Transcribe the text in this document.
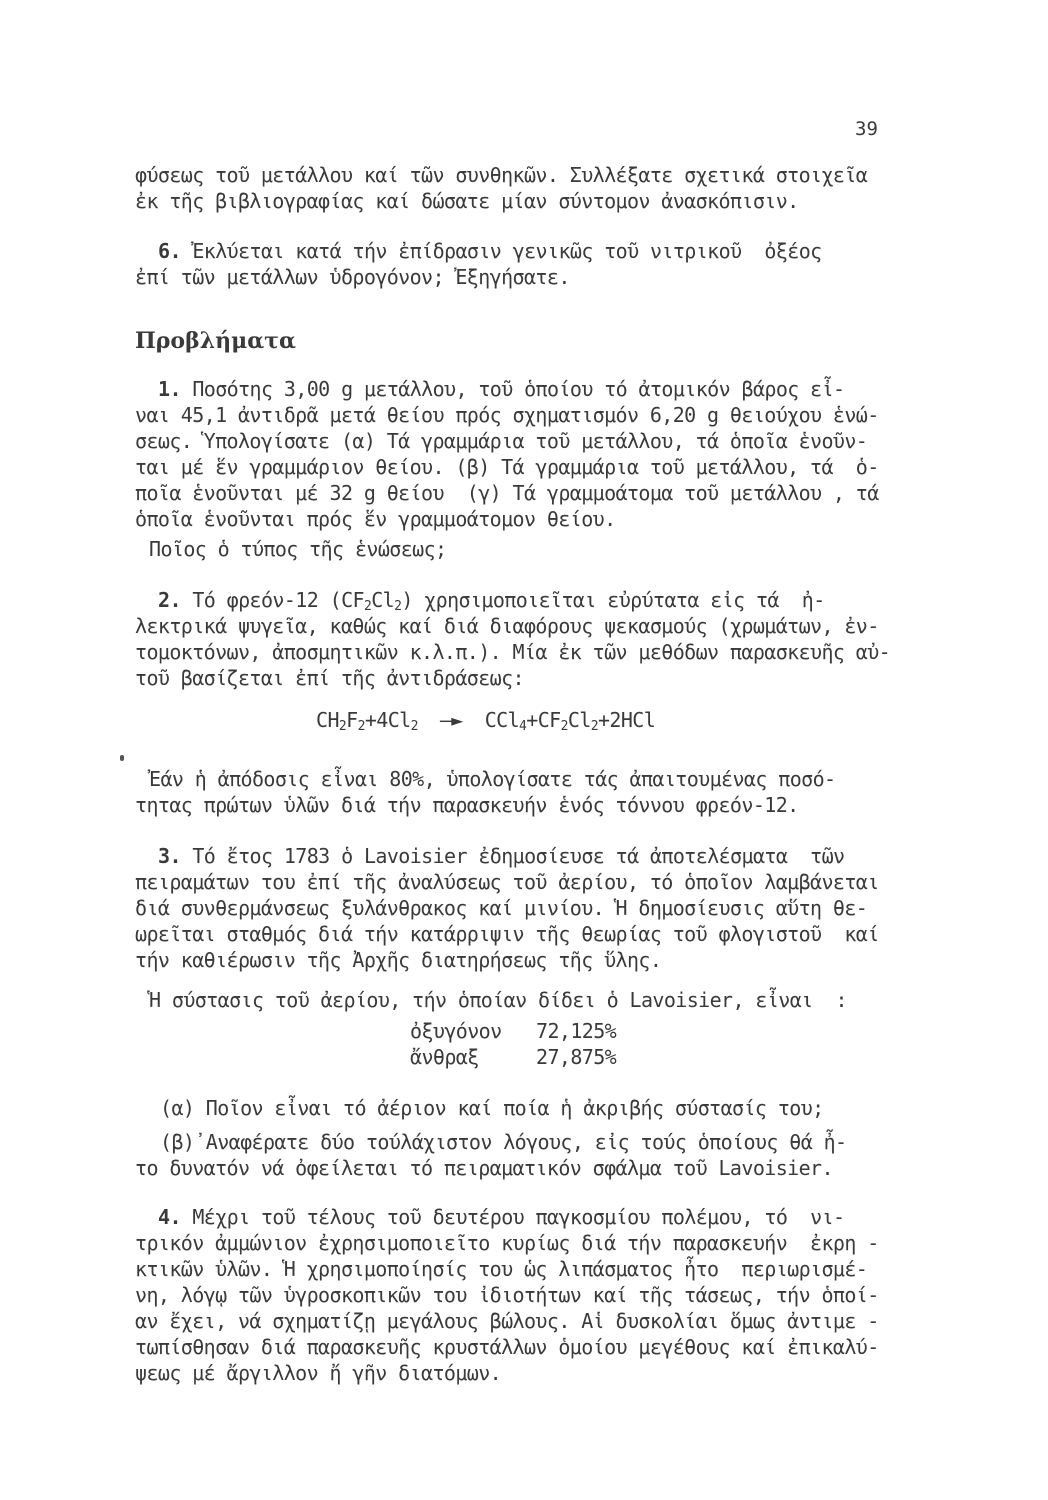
39
φύσεως τοῦ μετάλλου καί τῶν συνθηκῶν. Συλλέξατε σχετικά στοιχεῖα
ἐκ τῆς βιβλιογραφίας καί δώσατε μίαν σύντομον ἀνασκόπισιν.
6. Ἐκλύεται κατά τήν ἐπίδρασιν γενικῶς τοῦ νιτρικοῦ  ὀξέος
ἐπί τῶν μετάλλων ὑδρογόνον; Ἐξηγήσατε.
Προβλήματα
1. Ποσότης 3,00 g μετάλλου, τοῦ ὁποίου τό ἀτομικόν βάρος εἶ-
ναι 45,1 ἀντιδρᾶ μετά θείου πρός σχηματισμόν 6,20 g θειούχου ἑνώ-
σεως. Ὑπολογίσατε (α) Τά γραμμάρια τοῦ μετάλλου, τά ὁποῖα ἑνοῦν-
ται μέ ἕν γραμμάριον θείου. (β) Τά γραμμάρια τοῦ μετάλλου, τά  ὁ-
ποῖα ἑνοῦνται μέ 32 g θείου  (γ) Τά γραμμοάτομα τοῦ μετάλλου , τά
ὁποῖα ἑνοῦνται πρός ἕν γραμμοάτομον θείου.
Ποῖος ὁ τύπος τῆς ἑνώσεως;
2. Τό φρεόν-12 $(CF_2Cl_2)$ χρησιμοποιεῖται εὐρύτατα εἰς τά  ἠ-
λεκτρικά ψυγεῖα, καθώς καί διά διαφόρους ψεκασμούς (χρωμάτων, ἐν-
τομοκτόνων, ἀποσμητικῶν κ.λ.π.). Μία ἐκ τῶν μεθόδων παρασκευῆς αὐ-
τοῦ βασίζεται ἐπί τῆς ἀντιδράσεως:
$CH_2F_2+4Cl_2$ —► $CCl_4+CF_2Cl_2+2HCl$
Ἐάν ἡ ἀπόδοσις εἶναι 80%, ὑπολογίσατε τάς ἀπαιτουμένας ποσό-
τητας πρώτων ὑλῶν διά τήν παρασκευήν ἑνός τόννου φρεόν-12.
3. Τό ἔτος 1783 ὁ Lavoisier ἐδημοσίευσε τά ἀποτελέσματα  τῶν
πειραμάτων του ἐπί τῆς ἀναλύσεως τοῦ ἀερίου, τό ὁποῖον λαμβάνεται
διά συνθερμάνσεως ξυλάνθρακος καί μινίου. Ἡ δημοσίευσις αὕτη θε-
ωρεῖται σταθμός διά τήν κατάρριψιν τῆς θεωρίας τοῦ φλογιστοῦ  καί
τήν καθιέρωσιν τῆς Ἀρχῆς διατηρήσεως τῆς ὕλης.
Ἡ σύστασις τοῦ ἀερίου, τήν ὁποίαν δίδει ὁ Lavoisier, εἶναι  :
ὀξυγόνον 72,125%
ἄνθραξ	27,875%
(α) Ποῖον εἶναι τό ἀέριον καί ποία ἡ ἀκριβής σύστασίς του;
(β)᾽Αναφέρατε δύο τούλάχιστον λόγους, εἰς τούς ὁποίους θά ἦ-
το δυνατόν νά ὀφείλεται τό πειραματικόν σφάλμα τοῦ Lavoisier.
4. Μέχρι τοῦ τέλους τοῦ δευτέρου παγκοσμίου πολέμου, τό  νι-
τρικόν ἀμμώνιον ἐχρησιμοποιεῖτο κυρίως διά τήν παρασκευήν  ἐκρη -
κτικῶν ὑλῶν. Ἡ χρησιμοποίησίς του ὡς λιπάσματος ἦτο  περιωρισμέ-
νη, λόγῳ τῶν ὑγροσκοπικῶν του ἰδιοτήτων καί τῆς τάσεως, τήν ὁποί-
αν ἔχει, νά σχηματίζῃ μεγάλους βώλους. Αἱ δυσκολίαι ὅμως ἀντιμε -
τωπίσθησαν διά παρασκευῆς κρυστάλλων ὁμοίου μεγέθους καί ἐπικαλύ-
ψεως μέ ἄργιλλον ἤ γῆν διατόμων.
